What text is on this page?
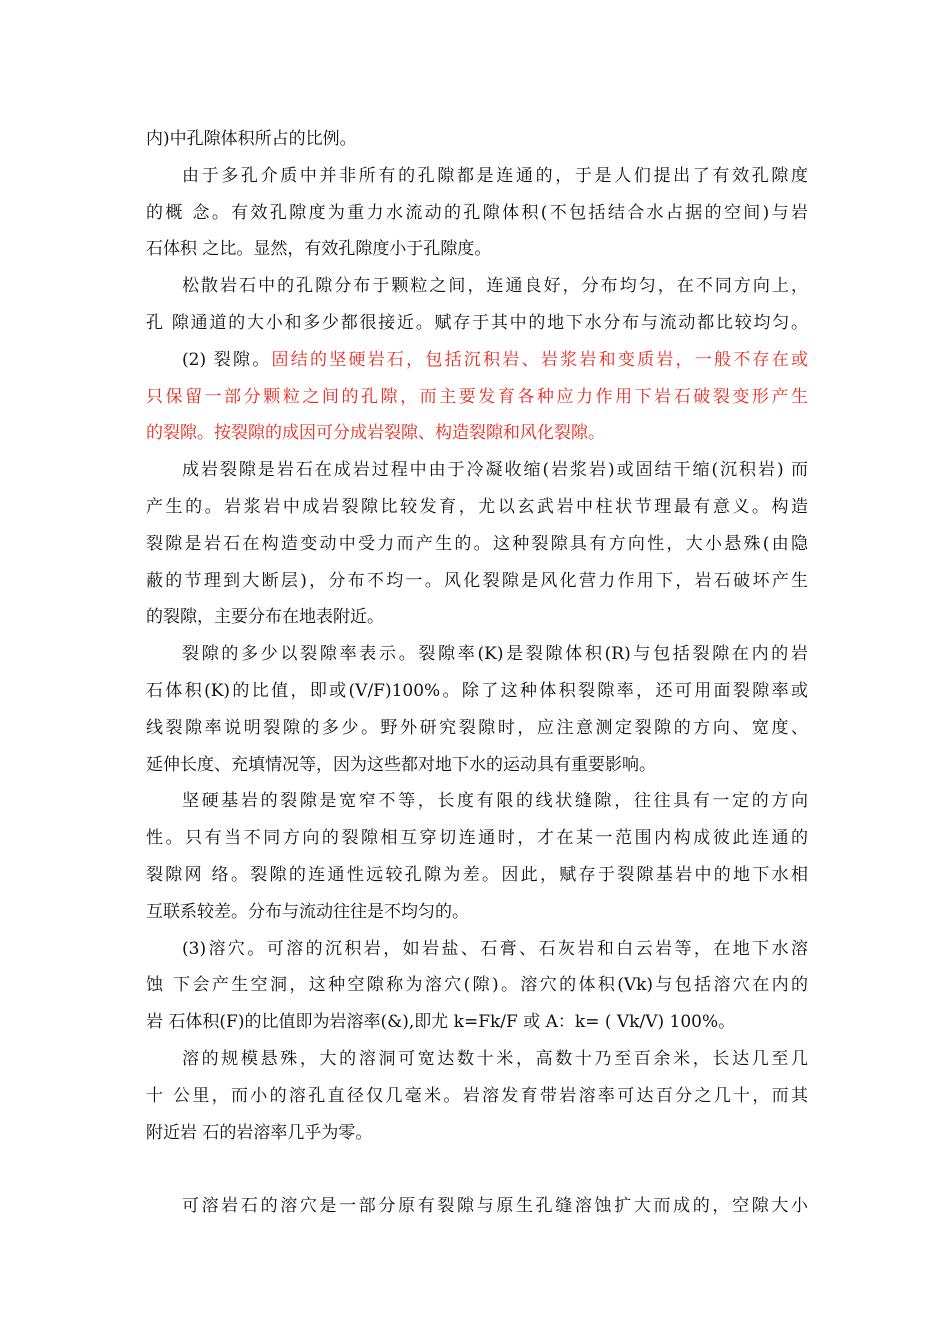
内)中孔隙体积所占的比例。
由于多孔介质中并非所有的孔隙都是连通的，于是人们提出了有效孔隙度
的概 念。有效孔隙度为重力水流动的孔隙体积(不包括结合水占据的空间)与岩
石体积 之比。显然，有效孔隙度小于孔隙度。
松散岩石中的孔隙分布于颗粒之间，连通良好，分布均匀，在不同方向上，
孔 隙通道的大小和多少都很接近。赋存于其中的地下水分布与流动都比较均匀。
(2) 裂隙。固结的坚硬岩石，包括沉积岩、岩浆岩和变质岩，一般不存在或
只保留一部分颗粒之间的孔隙，而主要发育各种应力作用下岩石破裂变形产生
的裂隙。按裂隙的成因可分成岩裂隙、构造裂隙和风化裂隙。
成岩裂隙是岩石在成岩过程中由于冷凝收缩(岩浆岩)或固结干缩(沉积岩) 而
产生的。岩浆岩中成岩裂隙比较发育，尤以玄武岩中柱状节理最有意义。构造
裂隙是岩石在构造变动中受力而产生的。这种裂隙具有方向性，大小悬殊(由隐
蔽的节理到大断层)，分布不均一。风化裂隙是风化营力作用下，岩石破坏产生
的裂隙，主要分布在地表附近。
裂隙的多少以裂隙率表示。裂隙率(K)是裂隙体积(R)与包括裂隙在内的岩
石体积(K)的比值，即或(V/F)100%。除了这种体积裂隙率，还可用面裂隙率或
线裂隙率说明裂隙的多少。野外研究裂隙时，应注意测定裂隙的方向、宽度、
延伸长度、充填情况等，因为这些都对地下水的运动具有重要影响。
坚硬基岩的裂隙是宽窄不等，长度有限的线状缝隙，往往具有一定的方向
性。只有当不同方向的裂隙相互穿切连通时，才在某一范围内构成彼此连通的
裂隙网 络。裂隙的连通性远较孔隙为差。因此，赋存于裂隙基岩中的地下水相
互联系较差。分布与流动往往是不均匀的。
(3)溶穴。可溶的沉积岩，如岩盐、石膏、石灰岩和白云岩等，在地下水溶
蚀 下会产生空洞，这种空隙称为溶穴(隙)。溶穴的体积(Vk)与包括溶穴在内的
岩 石体积(F)的比值即为岩溶率(&),即尤 k=Fk/F 或 A：k= ( Vk/V) 100%。
溶的规模悬殊，大的溶洞可宽达数十米，高数十乃至百余米，长达几至几
十 公里，而小的溶孔直径仅几毫米。岩溶发育带岩溶率可达百分之几十，而其
附近岩 石的岩溶率几乎为零。
可溶岩石的溶穴是一部分原有裂隙与原生孔缝溶蚀扩大而成的，空隙大小
